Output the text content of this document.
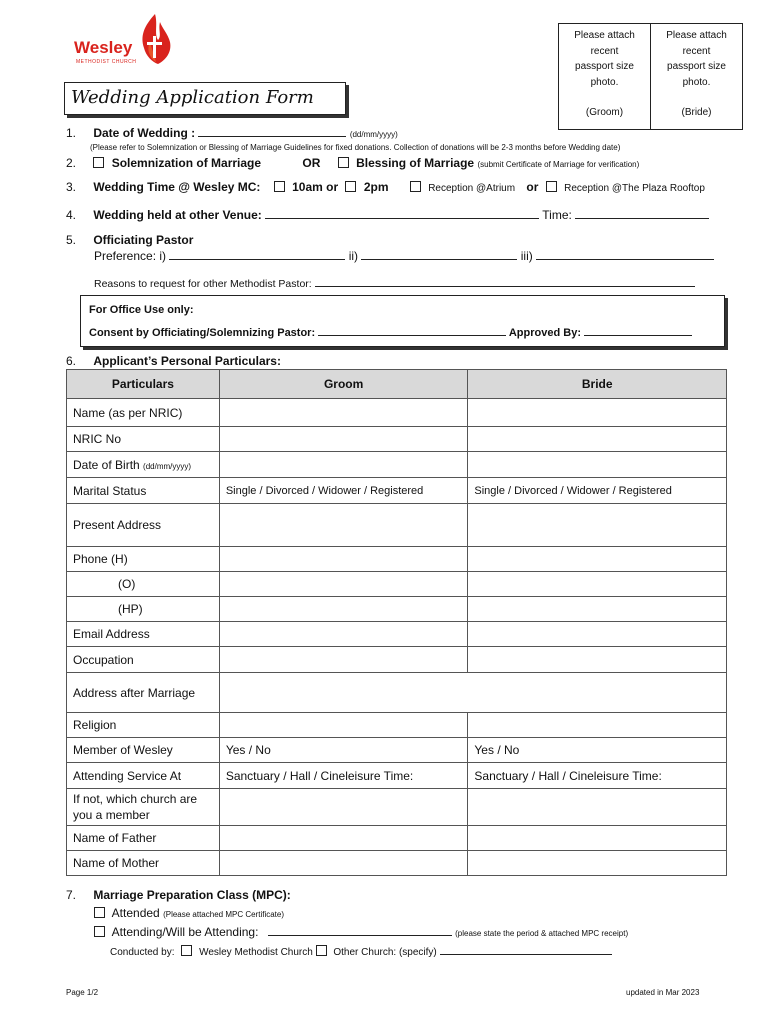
Wesley
METHODIST CHURCH
Please attach
recent
passport size
photo.
(Groom)
Please attach
recent
passport size
photo.
(Bride)
Wedding Application Form
1. Date of Wedding :	(dd/mm/yyyy)
(Please refer to Solemnization or Blessing of Marriage Guidelines for fixed donations. Collection of donations will be 2-3 months before Wedding date)
2.	Solemnization of Marriage	OR	Blessing of Marriage (submit Certificate of Marriage for verification)
3. Wedding Time @ Wesley MC:	10am or 2pm	Reception @Atrium or	Reception @The Plaza Rooftop
4. Wedding held at other Venue:	Time:
5. Officiating Pastor
Preference: i)	ii)	iii)
Reasons to request for other Methodist Pastor:
For Office Use only:
Consent by Officiating/Solemnizing Pastor:	Approved By:
6. Applicant’s Personal Particulars:
Particulars	Groom	Bride
Name (as per NRIC)		
NRIC No		
Date of Birth (dd/mm/yyyy)		
Marital Status	Single / Divorced / Widower / Registered	Single / Divorced / Widower / Registered
Present Address		
Phone (H)		
(O)		
(HP)		
Email Address		
Occupation		
Address after Marriage		
Religion		
Member of Wesley	Yes / No	Yes / No
Attending Service At	Sanctuary / Hall / Cineleisure Time:	Sanctuary / Hall / Cineleisure Time:
If not, which church are you a member		
Name of Father		
Name of Mother		
7. Marriage Preparation Class (MPC):
Attended (Please attached MPC Certificate)
Attending/Will be Attending:	(please state the period & attached MPC receipt)
Conducted by: Wesley Methodist Church Other Church: (specify)
Page 1/2	updated in Mar 2023
